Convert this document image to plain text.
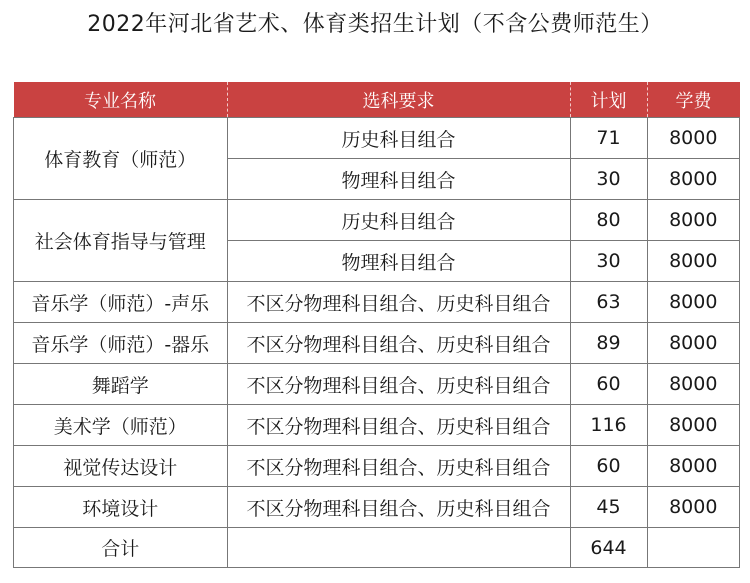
2022年河北省艺术、体育类招生计划（不含公费师范生）
专业名称	选科要求	计划	学费
体育教育（师范）	历史科目组合	71	8000
	物理科目组合	30	8000
社会体育指导与管理	历史科目组合	80	8000
	物理科目组合	30	8000
音乐学（师范）-声乐	不区分物理科目组合、历史科目组合	63	8000
音乐学（师范）-器乐	不区分物理科目组合、历史科目组合	89	8000
舞蹈学	不区分物理科目组合、历史科目组合	60	8000
美术学（师范）	不区分物理科目组合、历史科目组合	116	8000
视觉传达设计	不区分物理科目组合、历史科目组合	60	8000
环境设计	不区分物理科目组合、历史科目组合	45	8000
合计		644	
